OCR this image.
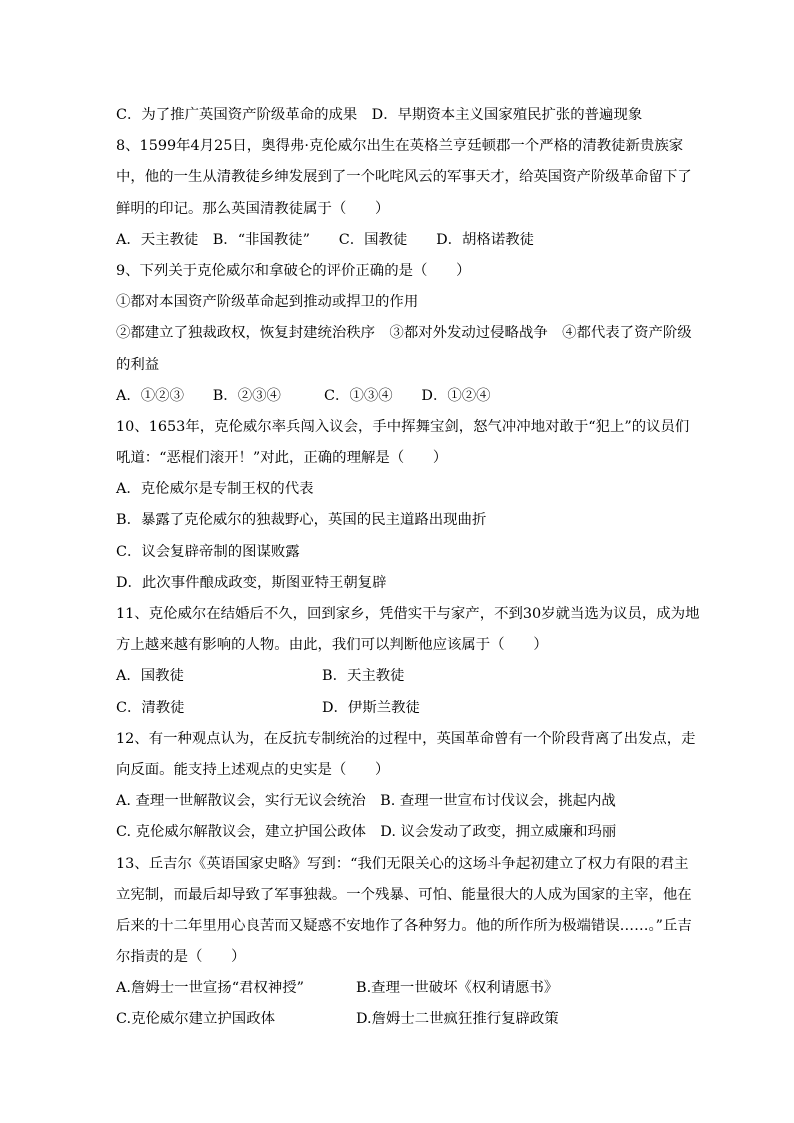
C．为了推广英国资产阶级革命的成果　D．早期资本主义国家殖民扩张的普遍现象
8、1599年4月25日，奥得弗·克伦威尔出生在英格兰亨廷顿郡一个严格的清教徒新贵族家
中，他的一生从清教徒乡绅发展到了一个叱咤风云的军事天才，给英国资产阶级革命留下了
鲜明的印记。那么英国清教徒属于（　　）
A．天主教徒　B．“非国教徒”　　C．国教徒　　D．胡格诺教徒
9、下列关于克伦威尔和拿破仑的评价正确的是（　　）
①都对本国资产阶级革命起到推动或捍卫的作用
②都建立了独裁政权，恢复封建统治秩序　③都对外发动过侵略战争　④都代表了资产阶级
的利益
A．①②③　　B．②③④　　　C．①③④　　D．①②④
10、1653年，克伦威尔率兵闯入议会，手中挥舞宝剑，怒气冲冲地对敢于“犯上”的议员们
吼道：“恶棍们滚开！”对此，正确的理解是（　　）
A．克伦威尔是专制王权的代表
B．暴露了克伦威尔的独裁野心，英国的民主道路出现曲折
C．议会复辟帝制的图谋败露
D．此次事件酿成政变，斯图亚特王朝复辟
11、克伦威尔在结婚后不久，回到家乡，凭借实干与家产，不到30岁就当选为议员，成为地
方上越来越有影响的人物。由此，我们可以判断他应该属于（　　）
A．国教徒	B．天主教徒
C．清教徒	D．伊斯兰教徒
12、有一种观点认为，在反抗专制统治的过程中，英国革命曾有一个阶段背离了出发点，走
向反面。能支持上述观点的史实是（　　）
A. 查理一世解散议会，实行无议会统治　B. 查理一世宣布讨伐议会，挑起内战
C. 克伦威尔解散议会，建立护国公政体　D. 议会发动了政变，拥立威廉和玛丽
13、丘吉尔《英语国家史略》写到：“我们无限关心的这场斗争起初建立了权力有限的君主
立宪制，而最后却导致了军事独裁。一个残暴、可怕、能量很大的人成为国家的主宰，他在
后来的十二年里用心良苦而又疑惑不安地作了各种努力。他的所作所为极端错误……。”丘吉
尔指责的是（　　）
A.詹姆士一世宣扬“君权神授”	B.查理一世破坏《权利请愿书》
C.克伦威尔建立护国政体	D.詹姆士二世疯狂推行复辟政策
